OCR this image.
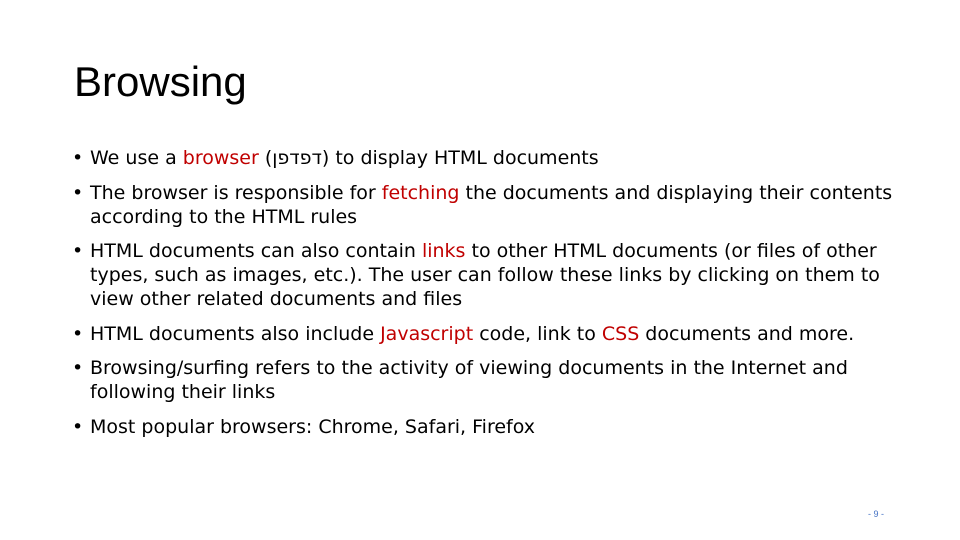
Browsing
• We use a browser (‫דפדפן‬) to display HTML documents
• The browser is responsible for fetching the documents and displaying their contents according to the HTML rules
• HTML documents can also contain links to other HTML documents (or files of other types, such as images, etc.). The user can follow these links by clicking on them to view other related documents and files
• HTML documents also include Javascript code, link to CSS documents and more.
• Browsing/surfing refers to the activity of viewing documents in the Internet and following their links
• Most popular browsers: Chrome, Safari, Firefox
- 9 -
